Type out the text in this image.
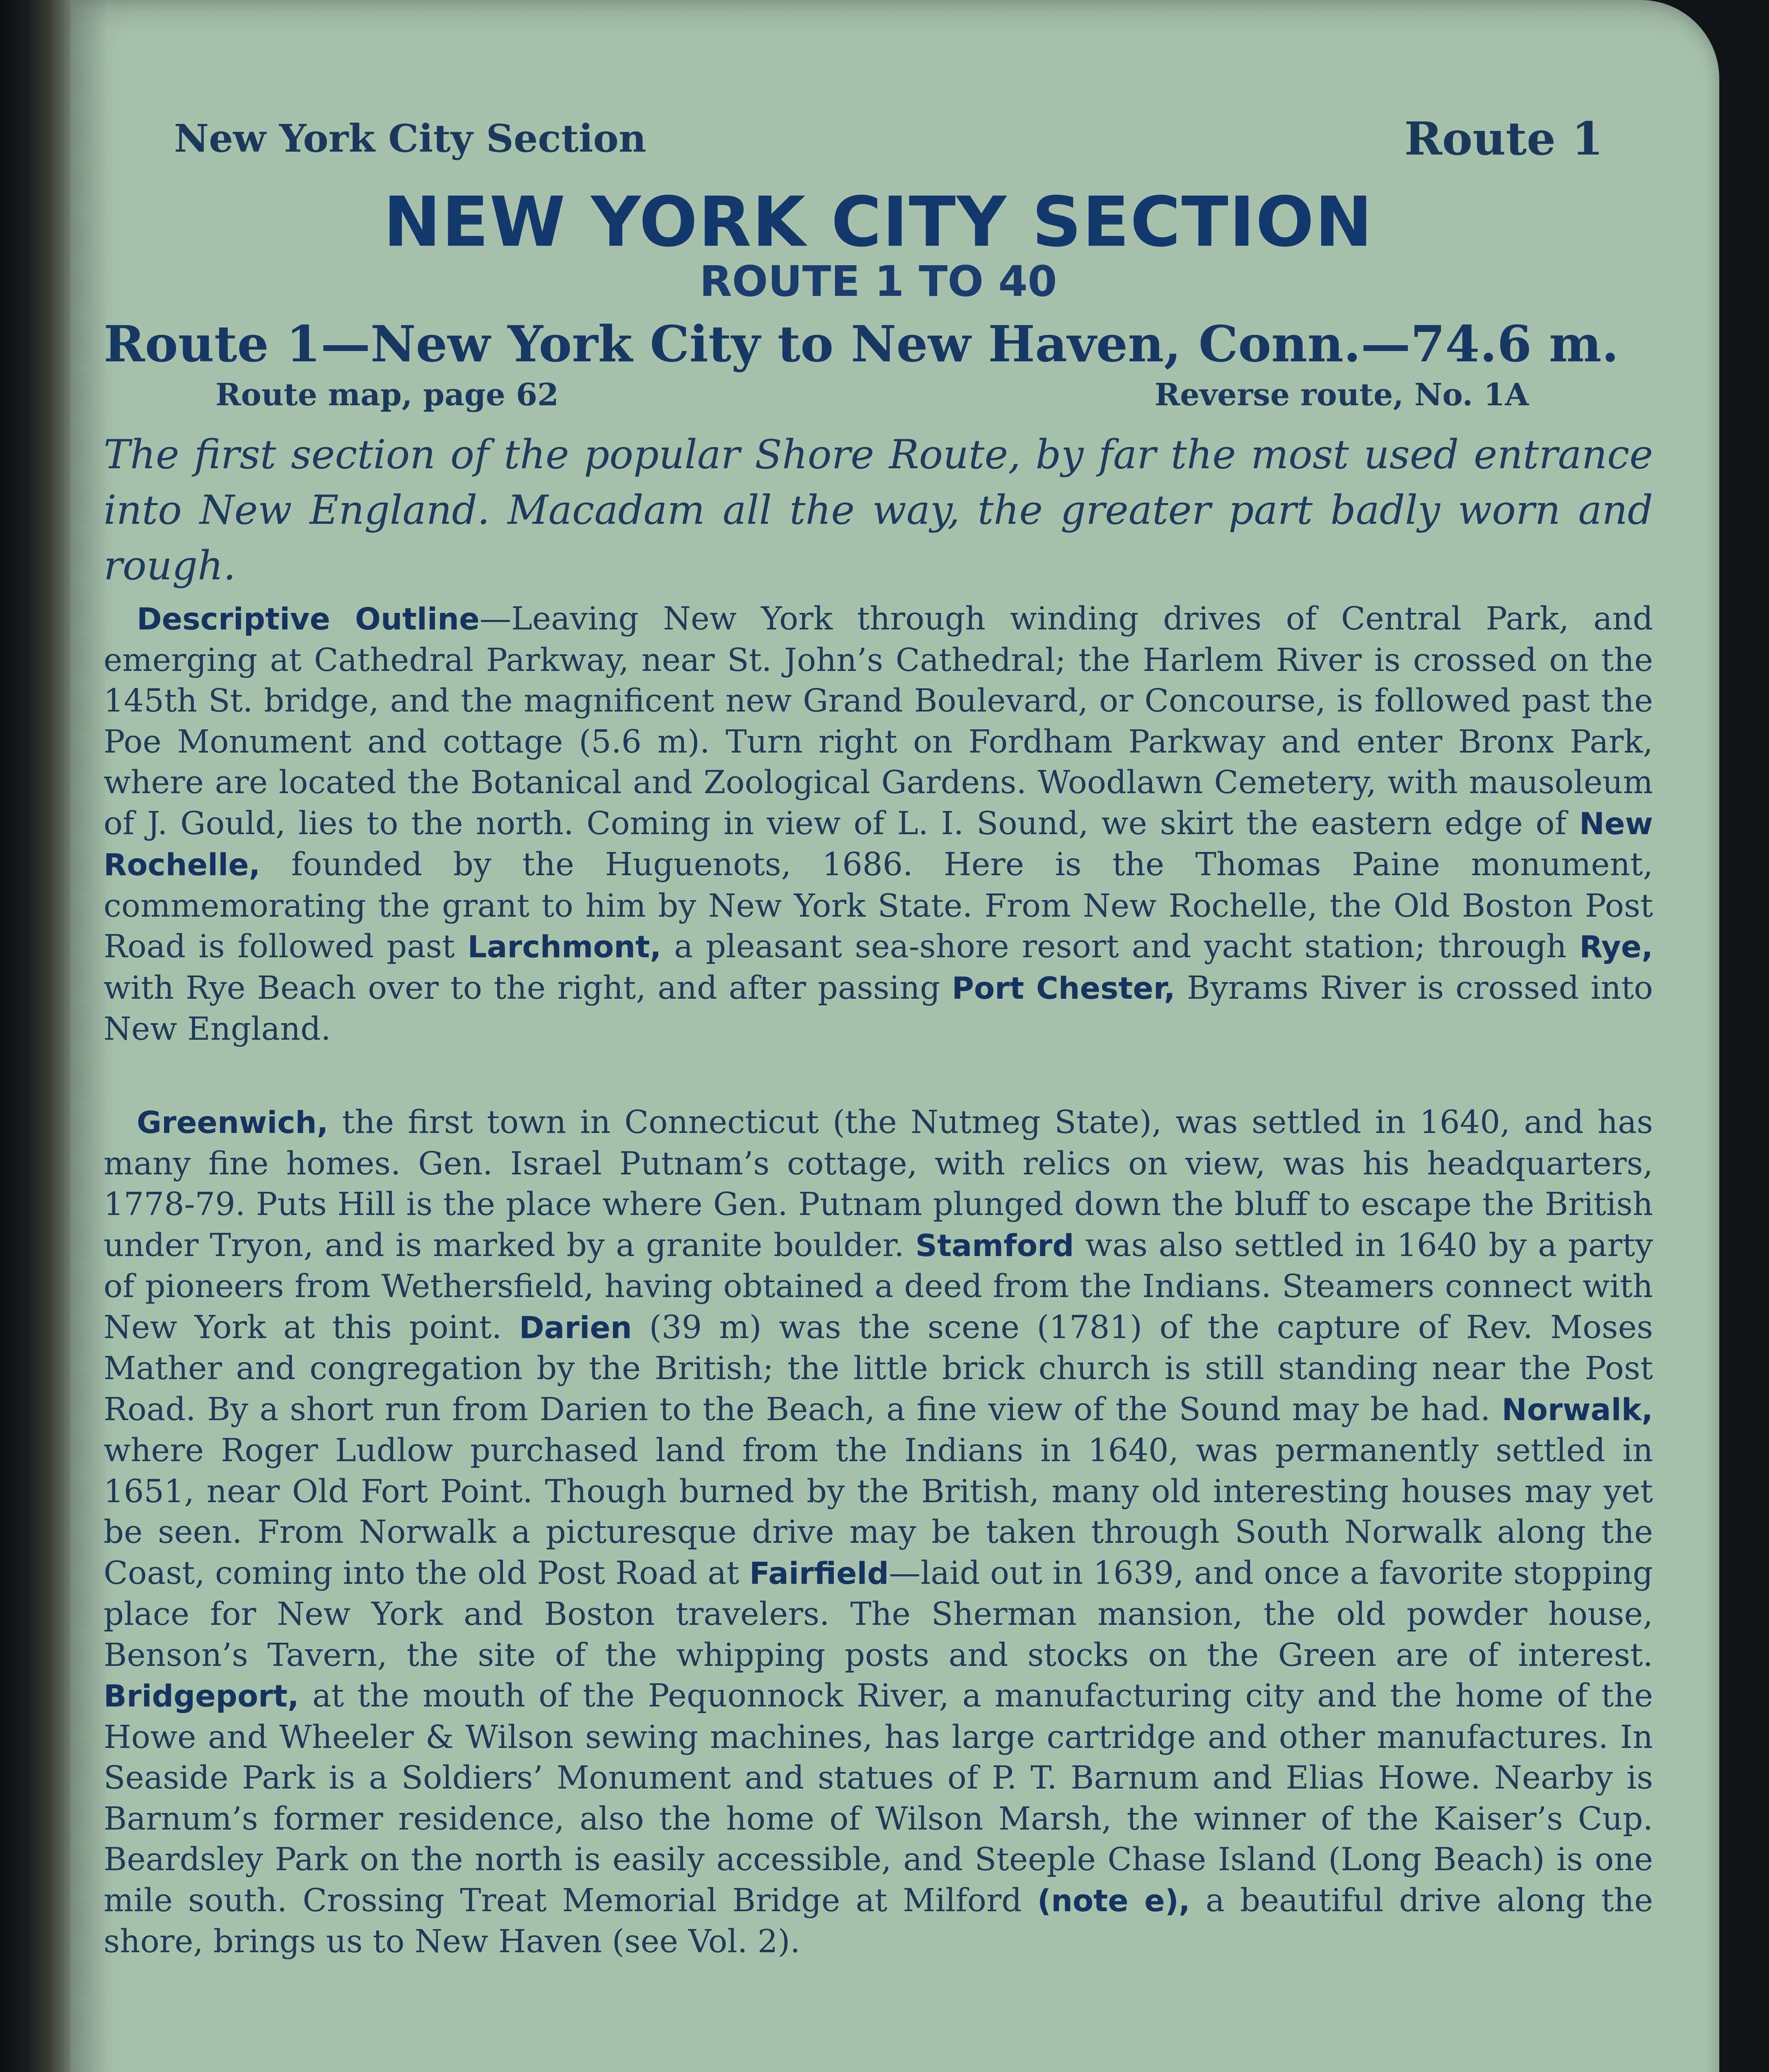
New York City Section	Route 1
NEW YORK CITY SECTION
ROUTE 1 TO 40
Route 1—New York City to New Haven, Conn.—74.6 m.
Route map, page 62	Reverse route, No. 1A
The first section of the popular Shore Route, by far the most used entrance into New England. Macadam all the way, the greater part badly worn and rough.
Descriptive Outline—Leaving New York through winding drives of Central Park, and emerging at Cathedral Parkway, near St. John’s Cathedral; the Harlem River is crossed on the 145th St. bridge, and the magnificent new Grand Boulevard, or Concourse, is followed past the Poe Monument and cottage (5.6 m). Turn right on Fordham Parkway and enter Bronx Park, where are located the Botanical and Zoological Gardens. Woodlawn Cemetery, with mausoleum of J. Gould, lies to the north. Coming in view of L. I. Sound, we skirt the eastern edge of New Rochelle, founded by the Huguenots, 1686. Here is the Thomas Paine monument, commemorating the grant to him by New York State. From New Rochelle, the Old Boston Post Road is followed past Larchmont, a pleasant sea-shore resort and yacht station; through Rye, with Rye Beach over to the right, and after passing Port Chester, Byrams River is crossed into New England.
Greenwich, the first town in Connecticut (the Nutmeg State), was settled in 1640, and has many fine homes. Gen. Israel Putnam’s cottage, with relics on view, was his headquarters, 1778-79. Puts Hill is the place where Gen. Putnam plunged down the bluff to escape the British under Tryon, and is marked by a granite boulder. Stamford was also settled in 1640 by a party of pioneers from Wethersfield, having obtained a deed from the Indians. Steamers connect with New York at this point. Darien (39 m) was the scene (1781) of the capture of Rev. Moses Mather and congregation by the British; the little brick church is still standing near the Post Road. By a short run from Darien to the Beach, a fine view of the Sound may be had. Norwalk, where Roger Ludlow purchased land from the Indians in 1640, was permanently settled in 1651, near Old Fort Point. Though burned by the British, many old interesting houses may yet be seen. From Norwalk a picturesque drive may be taken through South Norwalk along the Coast, coming into the old Post Road at Fairfield—laid out in 1639, and once a favorite stopping place for New York and Boston travelers. The Sherman mansion, the old powder house, Benson’s Tavern, the site of the whipping posts and stocks on the Green are of interest. Bridgeport, at the mouth of the Pequonnock River, a manufacturing city and the home of the Howe and Wheeler & Wilson sewing machines, has large cartridge and other manufactures. In Seaside Park is a Soldiers’ Monument and statues of P. T. Barnum and Elias Howe. Nearby is Barnum’s former residence, also the home of Wilson Marsh, the winner of the Kaiser’s Cup. Beardsley Park on the north is easily accessible, and Steeple Chase Island (Long Beach) is one mile south. Crossing Treat Memorial Bridge at Milford (note e), a beautiful drive along the shore, brings us to New Haven (see Vol. 2).
